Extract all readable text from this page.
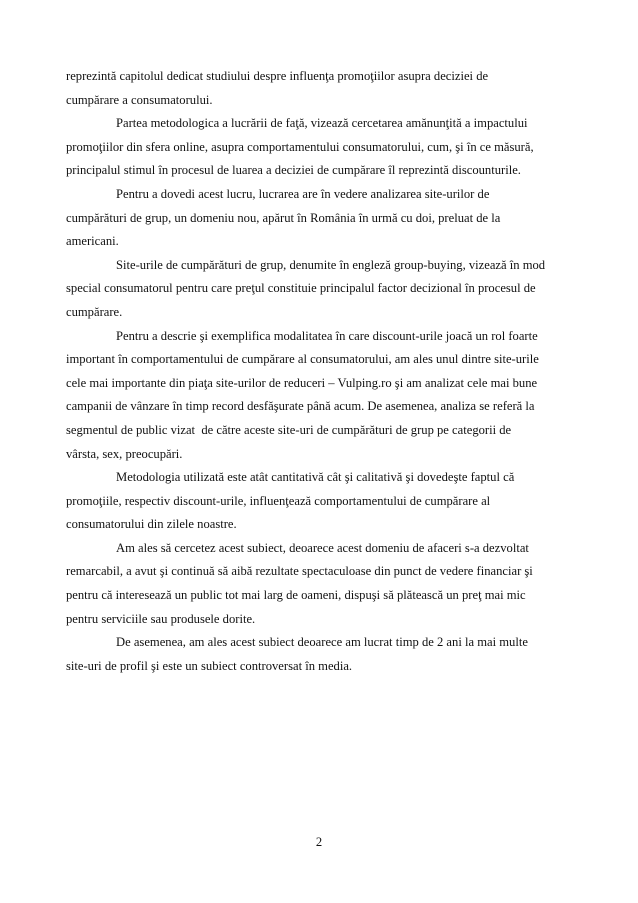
reprezintă capitolul dedicat studiului despre influenţa promoţiilor asupra deciziei de
cumpărare a consumatorului.
Partea metodologica a lucrării de faţă, vizează cercetarea amănunţită a impactului
promoţiilor din sfera online, asupra comportamentului consumatorului, cum, şi în ce măsură,
principalul stimul în procesul de luarea a deciziei de cumpărare îl reprezintă discounturile.
Pentru a dovedi acest lucru, lucrarea are în vedere analizarea site-urilor de
cumpărături de grup, un domeniu nou, apărut în România în urmă cu doi, preluat de la
americani.
Site-urile de cumpărături de grup, denumite în engleză group-buying, vizează în mod
special consumatorul pentru care preţul constituie principalul factor decizional în procesul de
cumpărare.
Pentru a descrie şi exemplifica modalitatea în care discount-urile joacă un rol foarte
important în comportamentului de cumpărare al consumatorului, am ales unul dintre site-urile
cele mai importante din piaţa site-urilor de reduceri – Vulping.ro şi am analizat cele mai bune
campanii de vânzare în timp record desfăşurate până acum. De asemenea, analiza se referă la
segmentul de public vizat  de către aceste site-uri de cumpărături de grup pe categorii de
vârsta, sex, preocupări.
Metodologia utilizată este atât cantitativă cât şi calitativă şi dovedeşte faptul că
promoţiile, respectiv discount-urile, influenţează comportamentului de cumpărare al
consumatorului din zilele noastre.
Am ales să cercetez acest subiect, deoarece acest domeniu de afaceri s-a dezvoltat
remarcabil, a avut şi continuă să aibă rezultate spectaculoase din punct de vedere financiar şi
pentru că interesează un public tot mai larg de oameni, dispuşi să plătească un preţ mai mic
pentru serviciile sau produsele dorite.
De asemenea, am ales acest subiect deoarece am lucrat timp de 2 ani la mai multe
site-uri de profil şi este un subiect controversat în media.
2
